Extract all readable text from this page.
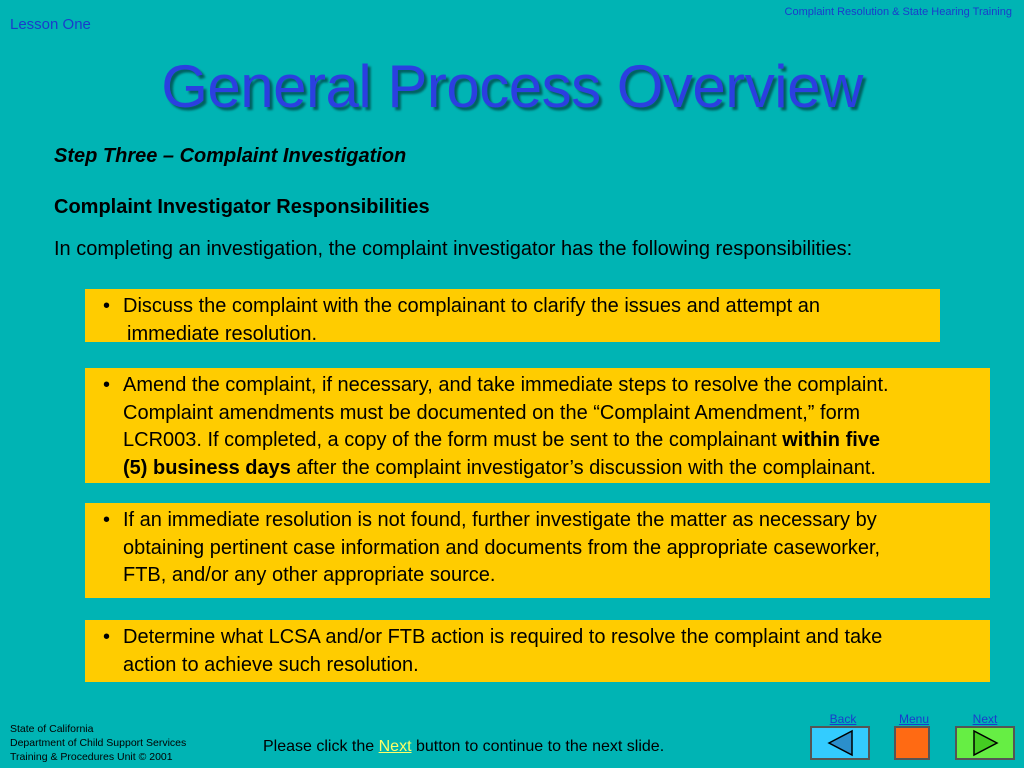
Lesson One
Complaint Resolution & State Hearing Training
General Process Overview
Step Three – Complaint Investigation
Complaint Investigator Responsibilities
In completing an investigation, the complaint investigator has the following responsibilities:
• Discuss the complaint with the complainant to clarify the issues and attempt an
immediate resolution.
• Amend the complaint, if necessary, and take immediate steps to resolve the complaint.
Complaint amendments must be documented on the “Complaint Amendment,” form
LCR003. If completed, a copy of the form must be sent to the complainant within five
(5) business days after the complaint investigator’s discussion with the complainant.
• If an immediate resolution is not found, further investigate the matter as necessary by
obtaining pertinent case information and documents from the appropriate caseworker,
FTB, and/or any other appropriate source.
• Determine what LCSA and/or FTB action is required to resolve the complaint and take
action to achieve such resolution.
State of California
Department of Child Support Services
Training & Procedures Unit © 2001
Please click the Next button to continue to the next slide.
Back	Menu	Next
